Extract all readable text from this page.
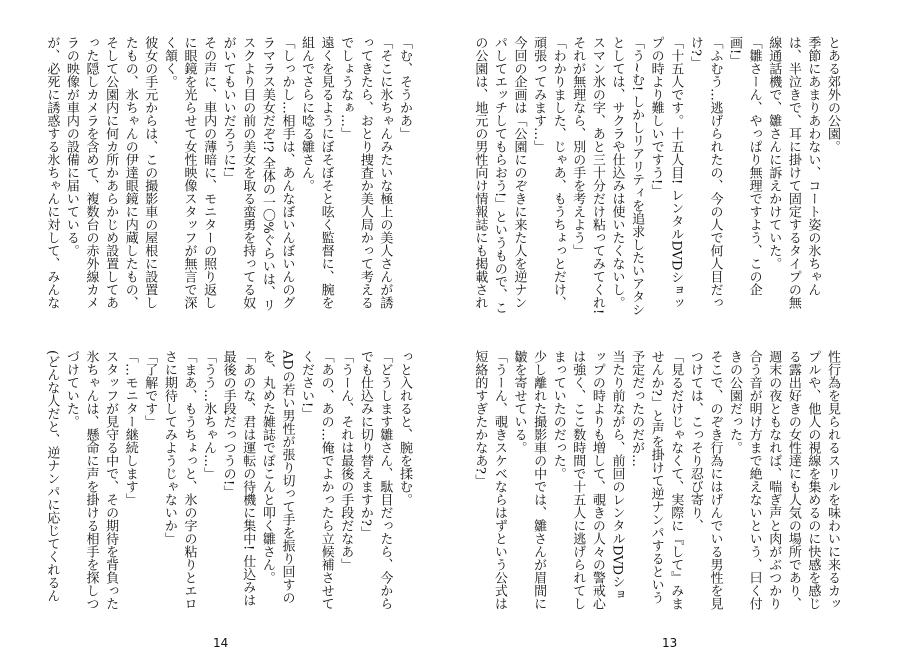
「む、そうかあ」
「そこに氷ちゃんみたいな極上の美人さんが誘ってきたら、おとり捜査か美人局かって考えるでしょうなぁ…」
遠くを見るようにぼそぼそと呟く監督に、腕を組んでさらに唸る雛さん。
「しっかし…相手は、あんなぼいんぼいんのグラマラス美女だぞ!? 全体の一〇%ぐらいは、リスクより目の前の美女を取る蛮勇を持ってる奴がいてもいいだろうに!」
その声に、車内の薄暗に、モニターの照り返しに眼鏡を光らせて女性映像スタッフが無言で深く頷く。
彼女の手元からは、この撮影車の屋根に設置したもの、氷ちゃんの伊達眼鏡に内蔵したもの、そして公園内に何カ所かあらかじめ設置してあった隠しカメラを含めて、複数台の赤外線カメラの映像が車内の設備に届いている。
が、必死に誘惑する氷ちゃんに対して、みんな

っと入れると、腕を揉む。
「どうします雛さん、駄目だったら、今からでも仕込みに切り替えますか?」
「うーん、それは最後の手段だなあ」
「あの、あの…俺でよかったら立候補させてください!」
ADの若い男性が張り切って手を振り回すのを、丸めた雑誌でぽこんと叩く雛さん。
「あのな、君は運転の待機に集中! 仕込みは最後の手段だっつうの!」
「うう…氷ちゃん…」
「まあ、もうちょっと、氷の字の粘りとエロさに期待してみようじゃないか」
「了解です」
「…モニター継続します」
スタッフが見守る中で、その期待を背負った氷ちゃんは、懸命に声を掛ける相手を探しつづけていた。
(どんな人だと、逆ナンパに応じてくれるん

14
とある郊外の公園。
季節にあまりあわない、コート姿の氷ちゃんは、半泣きで、耳に掛けて固定するタイプの無線通話機で、雛さんに訴えかけていた。
「雛さーん、やっぱり無理ですよう、この企画!」
「ふむう…逃げられたの、今の人で何人目だっけ?」
「十五人です。十五人目! レンタルDVDショップの時より難しいですう!」
「う~む! しかしリアリティを追求したいアタシとしては、サクラや仕込みは使いたくないし。
スマン氷の字、あと三十分だけ粘ってみてくれ! それが無理なら、別の手を考えよう」
「わかりました、じゃあ、もうちょっとだけ、頑張ってみます…」
今回の企画は「公園にのぞきに来た人を逆ナンパしてエッチしてもらおう!」というもので、この公園は、地元の男性向け情報誌にも掲載され

性行為を見られるスリルを味わいに来るカップルや、他人の視線を集めるのに快感を感じる露出好きの女性達にも人気の場所であり、週末の夜ともなれば、喘ぎ声と肉がぶつかり合う音が明け方まで絶えないという、曰く付きの公園だった。
そこで、のぞき行為にはげんでいる男性を見つけては、こっそり忍び寄り、
「見るだけじゃなくて、実際に『して』みませんか?」と声を掛けて逆ナンパするという予定だったのだが…
当たり前ながら、前回のレンタルDVDショップの時よりも増して、覗きの人々の警戒心は強く、ここ数時間で十五人に逃げられてしまっていたのだった。
少し離れた撮影車の中では、雛さんが眉間に皺を寄せている。
「うーん、覗きスケベならはずという公式は短絡的すぎたかなあ?」

13
